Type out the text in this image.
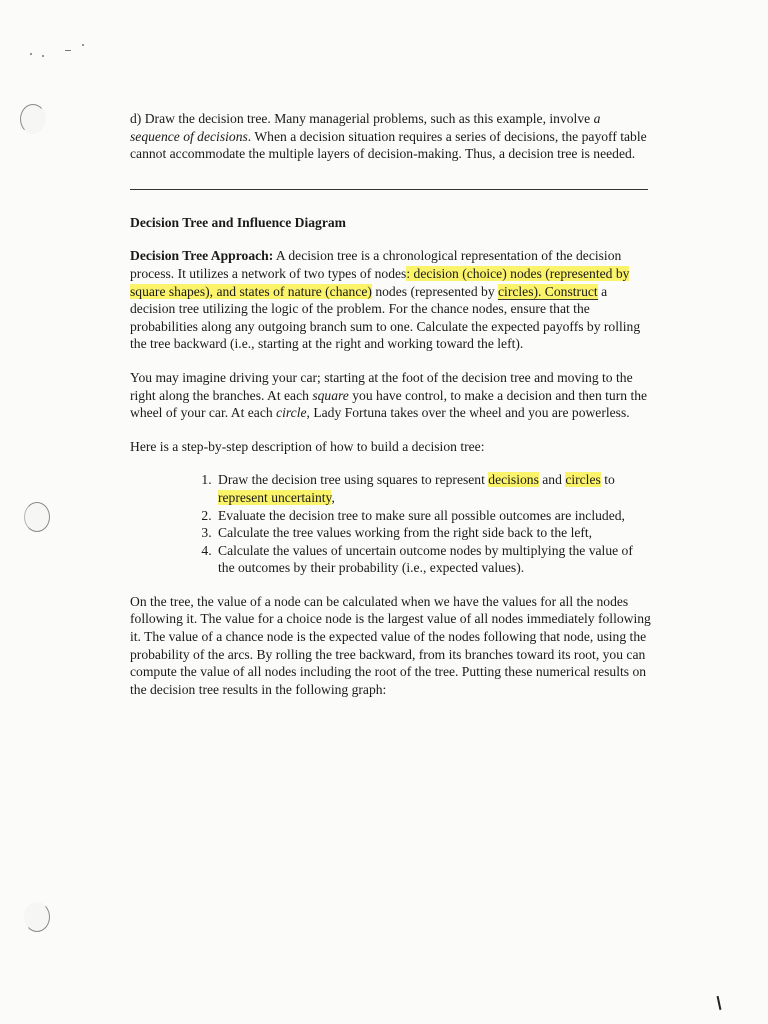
d) Draw the decision tree. Many managerial problems, such as this example, involve a sequence of decisions. When a decision situation requires a series of decisions, the payoff table cannot accommodate the multiple layers of decision-making. Thus, a decision tree is needed.

Decision Tree and Influence Diagram

Decision Tree Approach: A decision tree is a chronological representation of the decision process. It utilizes a network of two types of nodes: decision (choice) nodes (represented by square shapes), and states of nature (chance) nodes (represented by circles). Construct a decision tree utilizing the logic of the problem. For the chance nodes, ensure that the probabilities along any outgoing branch sum to one. Calculate the expected payoffs by rolling the tree backward (i.e., starting at the right and working toward the left).

You may imagine driving your car; starting at the foot of the decision tree and moving to the right along the branches. At each square you have control, to make a decision and then turn the wheel of your car. At each circle, Lady Fortuna takes over the wheel and you are powerless.

Here is a step-by-step description of how to build a decision tree:

1. Draw the decision tree using squares to represent decisions and circles to represent uncertainty,
2. Evaluate the decision tree to make sure all possible outcomes are included,
3. Calculate the tree values working from the right side back to the left,
4. Calculate the values of uncertain outcome nodes by multiplying the value of the outcomes by their probability (i.e., expected values).

On the tree, the value of a node can be calculated when we have the values for all the nodes following it. The value for a choice node is the largest value of all nodes immediately following it. The value of a chance node is the expected value of the nodes following that node, using the probability of the arcs. By rolling the tree backward, from its branches toward its root, you can compute the value of all nodes including the root of the tree. Putting these numerical results on the decision tree results in the following graph:
